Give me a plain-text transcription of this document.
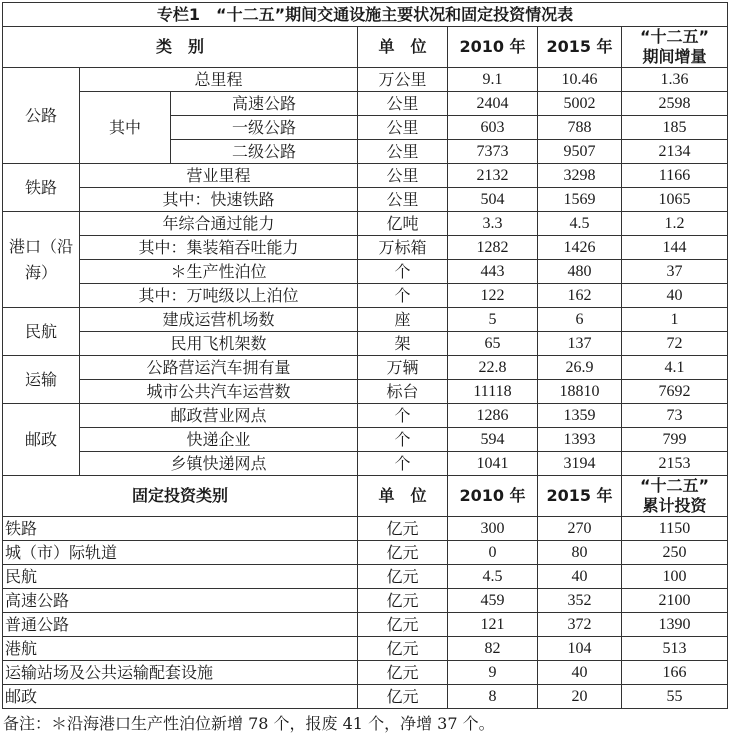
专栏1　“十二五”期间交通设施主要状况和固定投资情况表						
类　别			单　位	2010 年	2015 年	“十二五”
期间增量

公路	总里程		万公里	9.1	10.46	1.36
	其中	高速公路	公里	2404	5002	2598
		一级公路	公里	603	788	185
		二级公路	公里	7373	9507	2134
铁路	营业里程		公里	2132	3298	1166
	其中：快速铁路		公里	504	1569	1065
港口（沿海）	年综合通过能力		亿吨	3.3	4.5	1.2
	其中：集装箱吞吐能力		万标箱	1282	1426	144
	＊生产性泊位		个	443	480	37
	其中：万吨级以上泊位		个	122	162	40
民航	建成运营机场数		座	5	6	1
	民用飞机架数		架	65	137	72
运输	公路营运汽车拥有量		万辆	22.8	26.9	4.1
	城市公共汽车运营数		标台	11118	18810	7692
邮政	邮政营业网点		个	1286	1359	73
	快递企业		个	594	1393	799
	乡镇快递网点		个	1041	3194	2153
固定投资类别			单　位	2010 年	2015 年	“十二五”
累计投资

铁路			亿元	300	270	1150
城（市）际轨道			亿元	0	80	250
民航			亿元	4.5	40	100
高速公路			亿元	459	352	2100
普通公路			亿元	121	372	1390
港航			亿元	82	104	513
运输站场及公共运输配套设施			亿元	9	40	166
邮政			亿元	8	20	55
备注：＊沿海港口生产性泊位新增 78 个，报废 41 个，净增 37 个。
